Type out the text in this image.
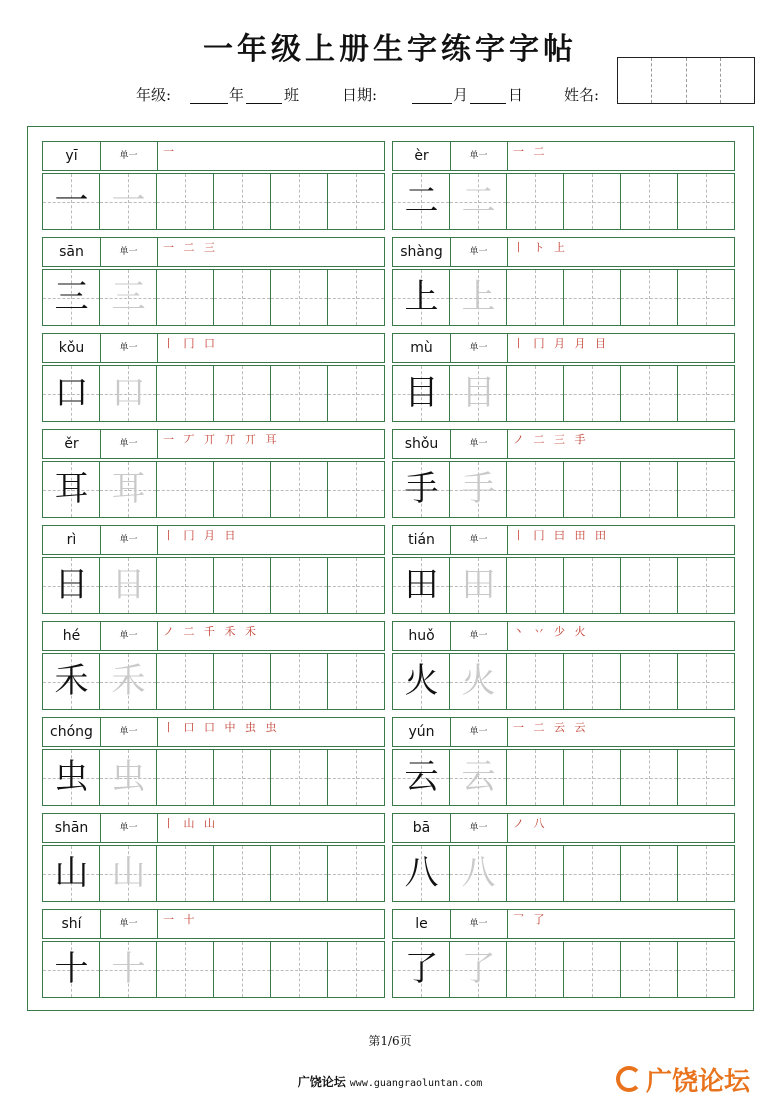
一年级上册生字练字字帖
年级:	年	班	日期:	月	日	姓名:
yī	单一	一
一 一
èr	单一	一 二
二 二
sān	单一	一 二 三
三 三
shàng	单一	丨 ト 上
上 上
kǒu	单一	丨 冂 口
口 口
mù	单一	丨 冂 月 月 目
目 目
ěr	单一	一 丆 丌 丌 丌 耳
耳 耳
shǒu	单一	ノ 二 三 手
手 手
rì	单一	丨 冂 月 日
日 日
tián	单一	丨 冂 曰 田 田
田 田
hé	单一	ノ 二 千 禾 禾
禾 禾
huǒ	单一	丶 丷 少 火
火 火
chóng	单一	丨 口 口 中 虫 虫
虫 虫
yún	单一	一 二 云 云
云 云
shān	单一	丨 山 山
山 山
bā	单一	ノ 八
八 八
shí	单一	一 十
十 十
le	单一	乛 了
了 了
第1/6页
广饶论坛 www.guangraoluntan.com	广饶论坛
